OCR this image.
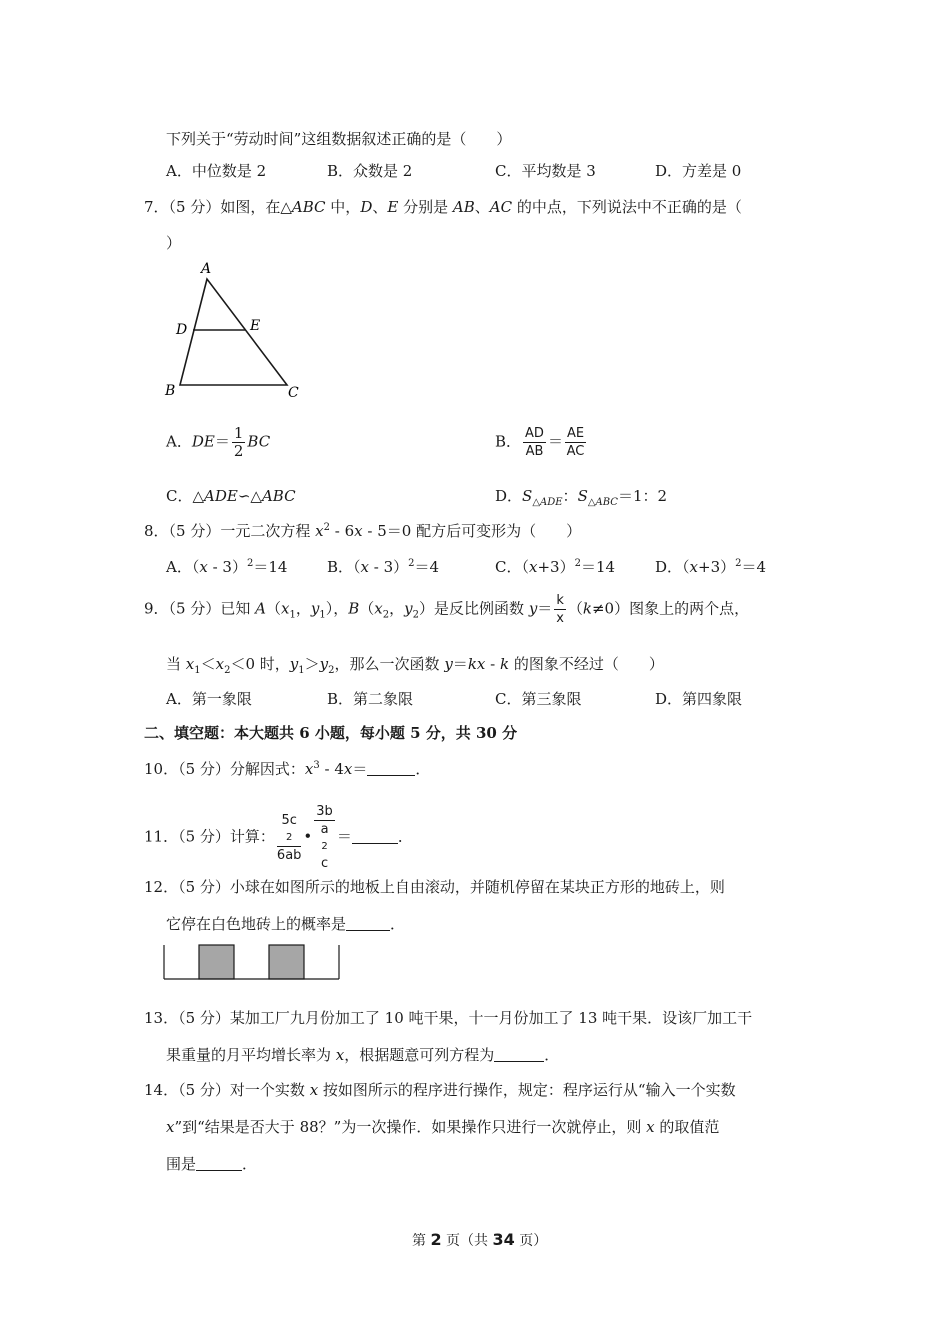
下列关于“劳动时间”这组数据叙述正确的是（　　）
A．中位数是 2	B．众数是 2	C．平均数是 3	D．方差是 0
7．（5 分）如图，在△ABC 中，D、E 分别是 AB、AC 的中点，下列说法中不正确的是（
）
A
D	E
B	C
A．$DE= \frac{1}{2}$ BC	B． $\frac{AD}{AB} = \frac{AE}{AC}$
C．△ADE∽△ABC	D．$S_{\triangle ADE}$：$S_{\triangle ABC}=1$：2
8．（5 分）一元二次方程 $x^2 - 6x - 5=0$ 配方后可变形为（　　）
A．（x - 3）$^2$＝14	B．（x - 3）$^2$＝4	C．$(x+3)^2=14$	D．$(x+3)^2=4$
9．（5 分）已知 $A(x_1$，$y_1$），$B(x_2$，$y_2$）是反比例函数 $y= \frac{k}{x} (k\ne 0)$图象上的两个点，
当 $x_1<x_2<0$ 时，$y_1>y_2$，那么一次函数 y＝kx - k 的图象不经过（　　）
A．第一象限	B．第二象限	C．第三象限	D．第四象限
二、填空题：本大题共 6 小题，每小题 5 分，共 30 分
10．（5 分）分解因式：$x^3 - 4x=$	．
11．（5 分）计算： 5c
2
6ab • 3b
a
2
c ＝	．
12．（5 分）小球在如图所示的地板上自由滚动，并随机停留在某块正方形的地砖上，则
它停在白色地砖上的概率是	．
13．（5 分）某加工厂九月份加工了 10 吨干果，十一月份加工了 13 吨干果．设该厂加工干
果重量的月平均增长率为 x，根据题意可列方程为	．
14．（5 分）对一个实数 x 按如图所示的程序进行操作，规定：程序运行从“输入一个实数
x”到“结果是否大于 88？”为一次操作．如果操作只进行一次就停止，则 x 的取值范
围是	．
第 2 页（共 34 页）
